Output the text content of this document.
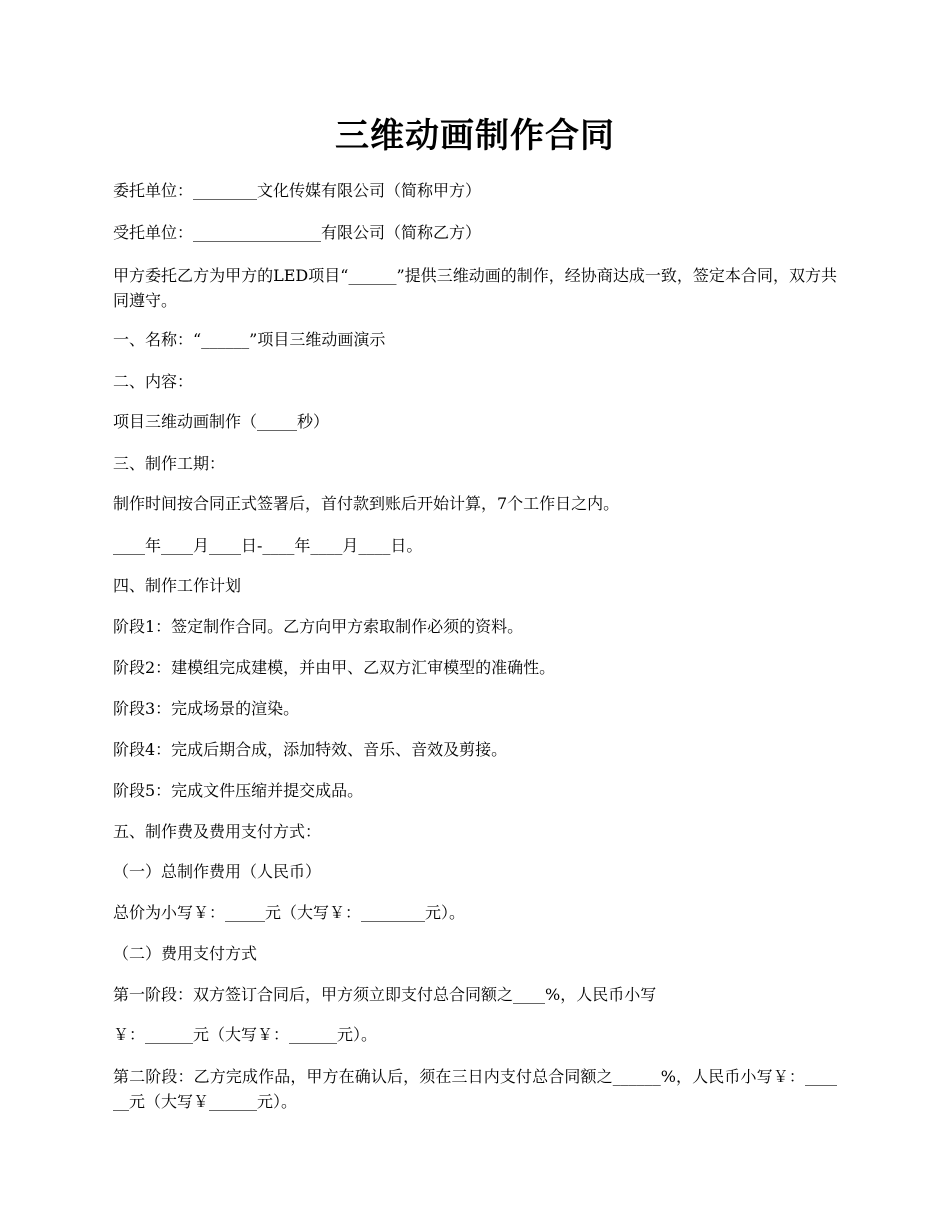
三维动画制作合同
委托单位：________文化传媒有限公司（简称甲方）
受托单位：________________有限公司（简称乙方）
甲方委托乙方为甲方的LED项目“______”提供三维动画的制作，经协商达成一致，签定本合同，双方共同遵守。
一、名称：“______”项目三维动画演示
二、内容：
项目三维动画制作（_____秒）
三、制作工期：
制作时间按合同正式签署后，首付款到账后开始计算，7个工作日之内。
____年____月____日-____年____月____日。
四、制作工作计划
阶段1：签定制作合同。乙方向甲方索取制作必须的资料。
阶段2：建模组完成建模，并由甲、乙双方汇审模型的准确性。
阶段3：完成场景的渲染。
阶段4：完成后期合成，添加特效、音乐、音效及剪接。
阶段5：完成文件压缩并提交成品。
五、制作费及费用支付方式：
（一）总制作费用（人民币）
总价为小写￥：_____元（大写￥：________元）。
（二）费用支付方式
第一阶段：双方签订合同后，甲方须立即支付总合同额之____%，人民币小写
￥：______元（大写￥：______元）。
第二阶段：乙方完成作品，甲方在确认后，须在三日内支付总合同额之______%，人民币小写￥：______元（大写￥______元）。
